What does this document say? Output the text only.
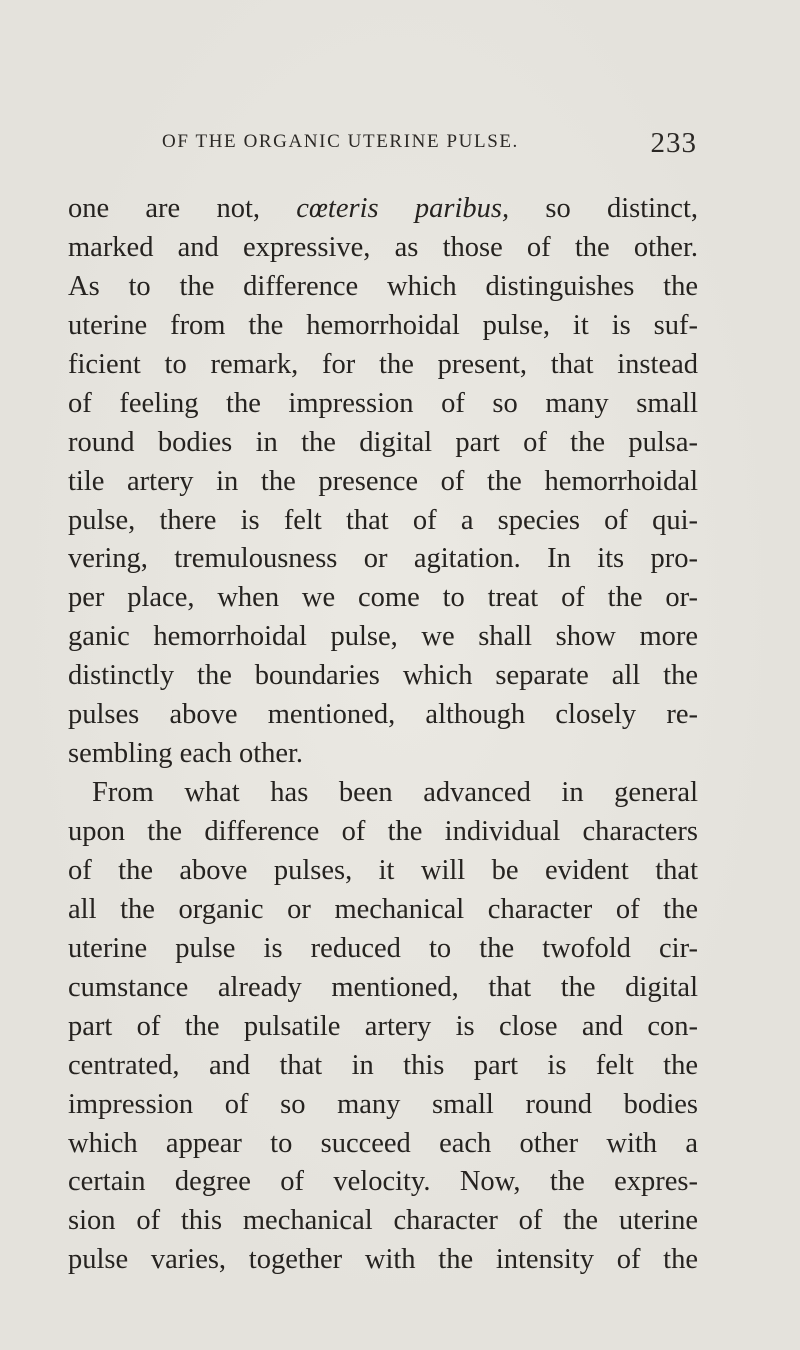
OF THE ORGANIC UTERINE PULSE.	233
one are not, cœteris paribus, so distinct,
marked and expressive, as those of the other.
As to the difference which distinguishes the
uterine from the hemorrhoidal pulse, it is suf-
ficient to remark, for the present, that instead
of feeling the impression of so many small
round bodies in the digital part of the pulsa-
tile artery in the presence of the hemorrhoidal
pulse, there is felt that of a species of qui-
vering, tremulousness or agitation. In its pro-
per place, when we come to treat of the or-
ganic hemorrhoidal pulse, we shall show more
distinctly the boundaries which separate all the
pulses above mentioned, although closely re-
sembling each other.
From what has been advanced in general
upon the difference of the individual characters
of the above pulses, it will be evident that
all the organic or mechanical character of the
uterine pulse is reduced to the twofold cir-
cumstance already mentioned, that the digital
part of the pulsatile artery is close and con-
centrated, and that in this part is felt the
impression of so many small round bodies
which appear to succeed each other with a
certain degree of velocity. Now, the expres-
sion of this mechanical character of the uterine
pulse varies, together with the intensity of the
